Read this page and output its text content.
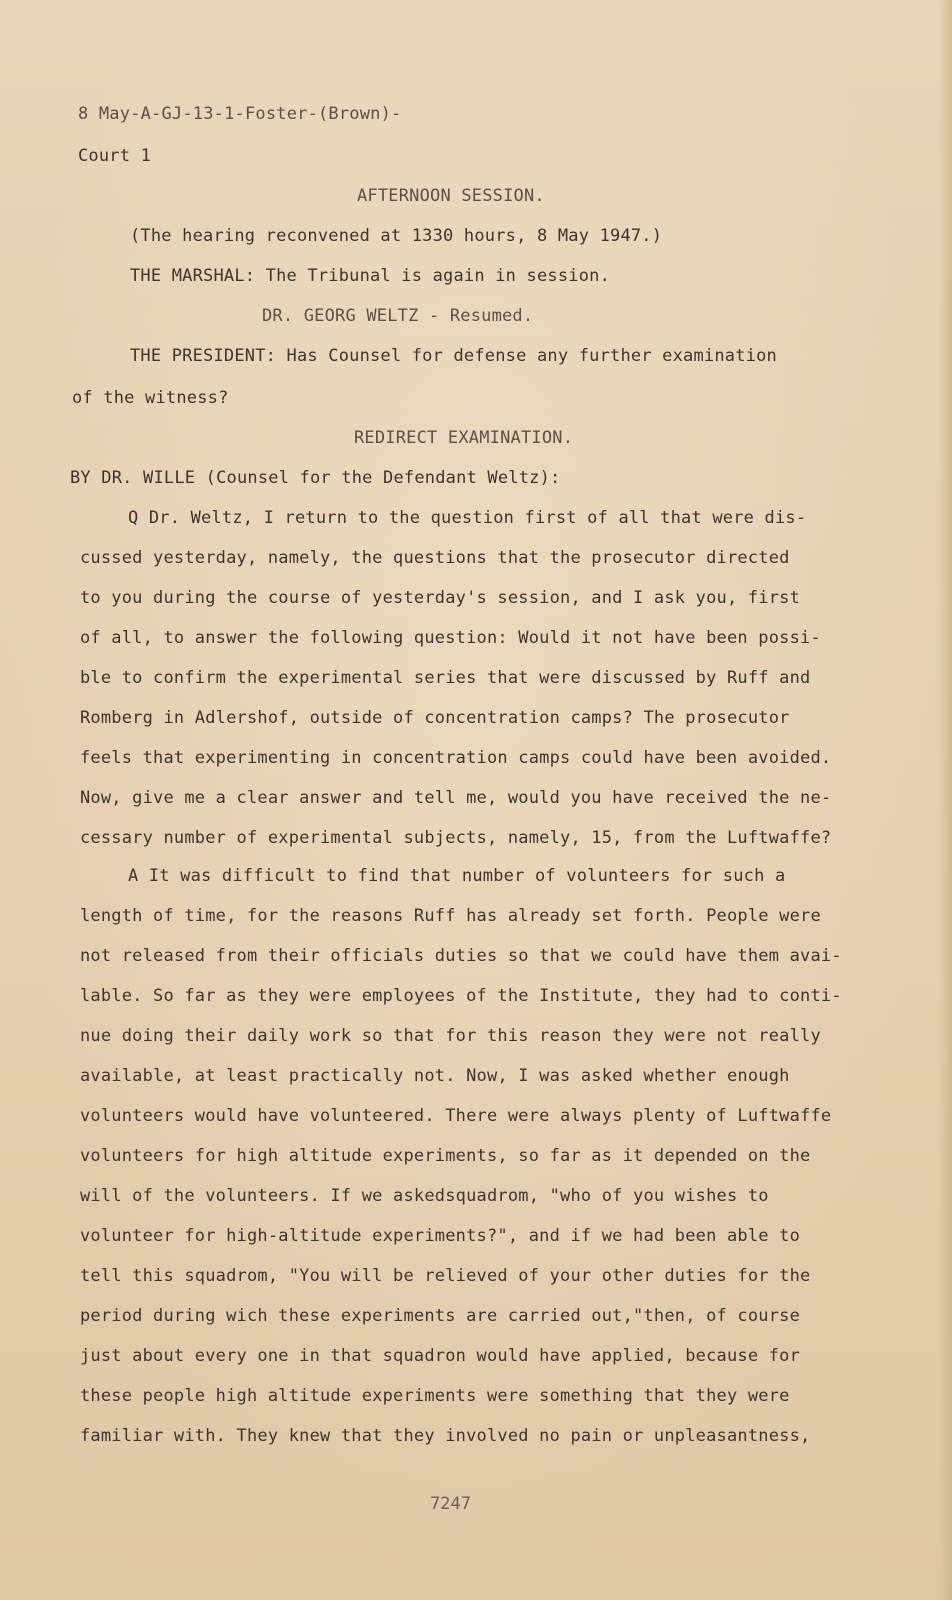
8 May-A-GJ-13-1-Foster-(Brown)-
Court 1
AFTERNOON SESSION.
(The hearing reconvened at 1330 hours, 8 May 1947.)
THE MARSHAL: The Tribunal is again in session.
DR. GEORG WELTZ - Resumed.
THE PRESIDENT: Has Counsel for defense any further examination
of the witness?
REDIRECT EXAMINATION.
BY DR. WILLE (Counsel for the Defendant Weltz):
Q Dr. Weltz, I return to the question first of all that were dis-
cussed yesterday, namely, the questions that the prosecutor directed
to you during the course of yesterday's session, and I ask you, first
of all, to answer the following question: Would it not have been possi-
ble to confirm the experimental series that were discussed by Ruff and
Romberg in Adlershof, outside of concentration camps? The prosecutor
feels that experimenting in concentration camps could have been avoided.
Now, give me a clear answer and tell me, would you have received the ne-
cessary number of experimental subjects, namely, 15, from the Luftwaffe?
A It was difficult to find that number of volunteers for such a
length of time, for the reasons Ruff has already set forth. People were
not released from their officials duties so that we could have them avai-
lable. So far as they were employees of the Institute, they had to conti-
nue doing their daily work so that for this reason they were not really
available, at least practically not. Now, I was asked whether enough
volunteers would have volunteered. There were always plenty of Luftwaffe
volunteers for high altitude experiments, so far as it depended on the
will of the volunteers. If we askedsquadrom, "who of you wishes to
volunteer for high-altitude experiments?", and if we had been able to
tell this squadrom, "You will be relieved of your other duties for the
period during wich these experiments are carried out,"then, of course
just about every one in that squadron would have applied, because for
these people high altitude experiments were something that they were
familiar with. They knew that they involved no pain or unpleasantness,
7247
